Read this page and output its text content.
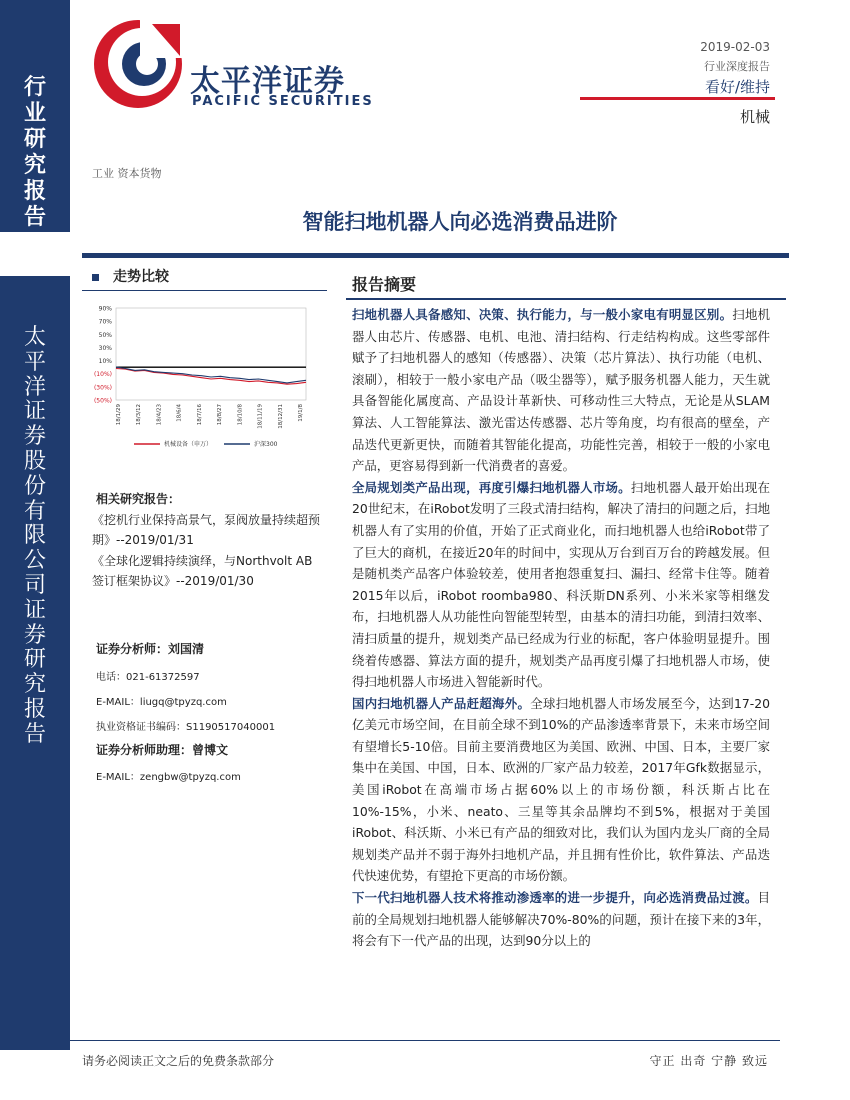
行
业
研
究
报
告
太
平
洋
证
券
股
份
有
限
公
司
证
券
研
究
报
告
太平洋证券
PACIFIC SECURITIES
2019-02-03
行业深度报告
看好/维持
机械
工业 资本货物
智能扫地机器人向必选消费品进阶
走势比较
90%
70%
50%
30%
10%
(10%)
(30%)
(50%)
18/1/29	18/3/12	18/4/23	18/6/4	18/7/16	18/8/27	18/10/8	18/11/19	18/12/31	19/1/8
机械设备（申万）	沪深300
相关研究报告：
《挖机行业保持高景气，泵阀放量持续超预期》--2019/01/31
《全球化逻辑持续演绎，与Northvolt AB签订框架协议》--2019/01/30
证券分析师：刘国清
电话：021-61372597
E-MAIL：liugq@tpyzq.com
执业资格证书编码：S1190517040001
证券分析师助理：曾博文
E-MAIL：zengbw@tpyzq.com
报告摘要

扫地机器人具备感知、决策、执行能力，与一般小家电有明显区别。扫地机器人由芯片、传感器、电机、电池、清扫结构、行走结构构成。这些零部件赋予了扫地机器人的感知（传感器）、决策（芯片算法）、执行功能（电机、滚刷），相较于一般小家电产品（吸尘器等），赋予服务机器人能力，天生就具备智能化属度高、产品设计革新快、可移动性三大特点，无论是从SLAM算法、人工智能算法、激光雷达传感器、芯片等角度，均有很高的壁垒，产品迭代更新更快，而随着其智能化提高，功能性完善，相较于一般的小家电产品，更容易得到新一代消费者的喜爱。

全局规划类产品出现，再度引爆扫地机器人市场。扫地机器人最开始出现在20世纪末，在iRobot发明了三段式清扫结构，解决了清扫的问题之后，扫地机器人有了实用的价值，开始了正式商业化，而扫地机器人也给iRobot带了了巨大的商机，在接近20年的时间中，实现从万台到百万台的跨越发展。但是随机类产品客户体验较差，使用者抱怨重复扫、漏扫、经常卡住等。随着2015年以后，iRobot roomba980、科沃斯DN系列、小米米家等相继发布，扫地机器人从功能性向智能型转型，由基本的清扫功能，到清扫效率、清扫质量的提升，规划类产品已经成为行业的标配，客户体验明显提升。围绕着传感器、算法方面的提升，规划类产品再度引爆了扫地机器人市场，使得扫地机器人市场进入智能新时代。

国内扫地机器人产品赶超海外。全球扫地机器人市场发展至今，达到17-20亿美元市场空间，在目前全球不到10%的产品渗透率背景下，未来市场空间有望增长5-10倍。目前主要消费地区为美国、欧洲、中国、日本，主要厂家集中在美国、中国，日本、欧洲的厂家产品力较差，2017年Gfk数据显示，美国iRobot在高端市场占据60%以上的市场份额，科沃斯占比在10%-15%，小米、neato、三星等其余品牌均不到5%，根据对于美国iRobot、科沃斯、小米已有产品的细致对比，我们认为国内龙头厂商的全局规划类产品并不弱于海外扫地机产品，并且拥有性价比，软件算法、产品迭代快速优势，有望抢下更高的市场份额。

下一代扫地机器人技术将推动渗透率的进一步提升，向必选消费品过渡。目前的全局规划扫地机器人能够解决70%-80%的问题，预计在接下来的3年，将会有下一代产品的出现，达到90分以上的

请务必阅读正文之后的免费条款部分	守正 出奇 宁静 致远
